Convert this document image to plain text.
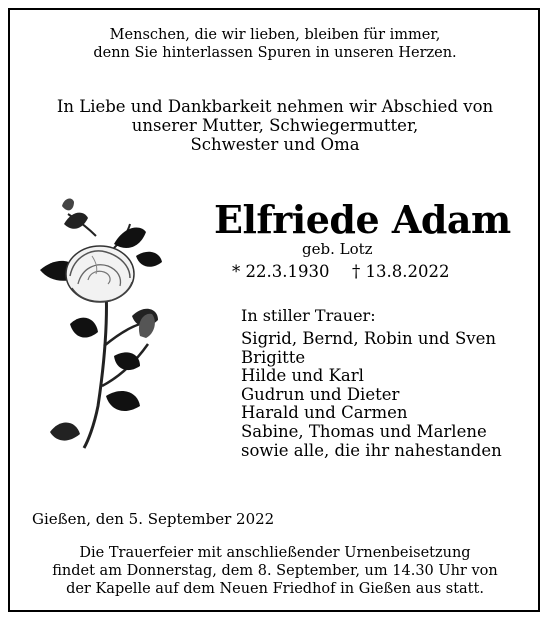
Menschen, die wir lieben, bleiben für immer,
denn Sie hinterlassen Spuren in unseren Herzen.
In Liebe und Dankbarkeit nehmen wir Abschied von
unserer Mutter, Schwiegermutter,
Schwester und Oma
Elfriede Adam
geb. Lotz
* 22.3.1930 † 13.8.2022
In stiller Trauer:
Sigrid, Bernd, Robin und Sven
Brigitte
Hilde und Karl
Gudrun und Dieter
Harald und Carmen
Sabine, Thomas und Marlene
sowie alle, die ihr nahestanden
Gießen, den 5. September 2022
Die Trauerfeier mit anschließender Urnenbeisetzung
findet am Donnerstag, dem 8. September, um 14.30 Uhr von
der Kapelle auf dem Neuen Friedhof in Gießen aus statt.
